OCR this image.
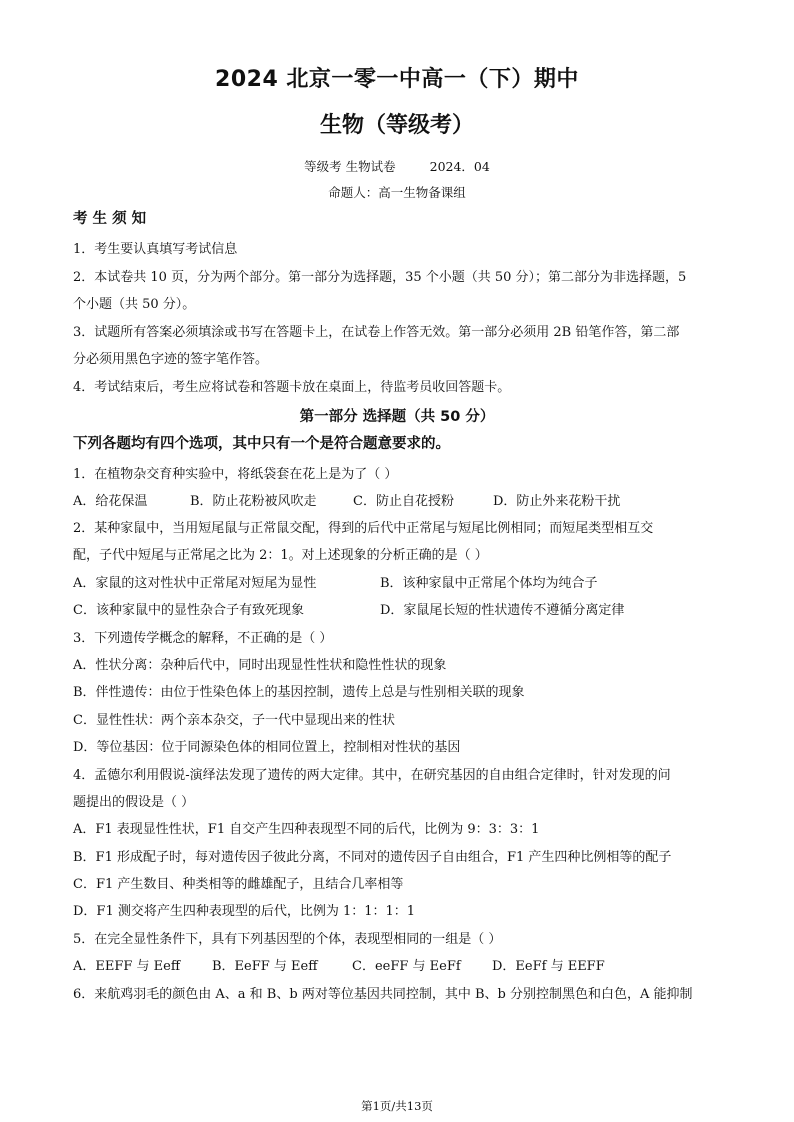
2024 北京一零一中高一（下）期中
生物（等级考）
等级考 生物试卷	2024．04
命题人：高一生物备课组
考 生 须 知
1．考生要认真填写考试信息
2．本试卷共 10 页，分为两个部分。第一部分为选择题，35 个小题（共 50 分）；第二部分为非选择题，5
个小题（共 50 分）。
3．试题所有答案必须填涂或书写在答题卡上，在试卷上作答无效。第一部分必须用 2B 铅笔作答，第二部
分必须用黑色字迹的签字笔作答。
4．考试结束后，考生应将试卷和答题卡放在桌面上，待监考员收回答题卡。
第一部分 选择题（共 50 分）
下列各题均有四个选项，其中只有一个是符合题意要求的。
1．在植物杂交育种实验中，将纸袋套在花上是为了（ ）
A．给花保温	B．防止花粉被风吹走	C．防止自花授粉	D．防止外来花粉干扰
2．某种家鼠中，当用短尾鼠与正常鼠交配，得到的后代中正常尾与短尾比例相同；而短尾类型相互交
配，子代中短尾与正常尾之比为 2：1。对上述现象的分析正确的是（ ）
A．家鼠的这对性状中正常尾对短尾为显性	B．该种家鼠中正常尾个体均为纯合子
C．该种家鼠中的显性杂合子有致死现象	D．家鼠尾长短的性状遗传不遵循分离定律
3．下列遗传学概念的解释，不正确的是（ ）
A．性状分离：杂种后代中，同时出现显性性状和隐性性状的现象
B．伴性遗传：由位于性染色体上的基因控制，遗传上总是与性别相关联的现象
C．显性性状：两个亲本杂交，子一代中显现出来的性状
D．等位基因：位于同源染色体的相同位置上，控制相对性状的基因
4．孟德尔利用假说-演绎法发现了遗传的两大定律。其中，在研究基因的自由组合定律时，针对发现的问
题提出的假设是（ ）
A．F1 表现显性性状，F1 自交产生四种表现型不同的后代，比例为 9：3：3：1
B．F1 形成配子时，每对遗传因子彼此分离，不同对的遗传因子自由组合，F1 产生四种比例相等的配子
C．F1 产生数目、种类相等的雌雄配子，且结合几率相等
D．F1 测交将产生四种表现型的后代，比例为 1：1：1：1
5．在完全显性条件下，具有下列基因型的个体，表现型相同的一组是（ ）
A．EEFF 与 Eeff B．EeFF 与 Eeff	C．eeFF 与 EeFf D．EeFf 与 EEFF
6．来航鸡羽毛的颜色由 A、a 和 B、b 两对等位基因共同控制，其中 B、b 分别控制黑色和白色，A 能抑制
第1页/共13页
